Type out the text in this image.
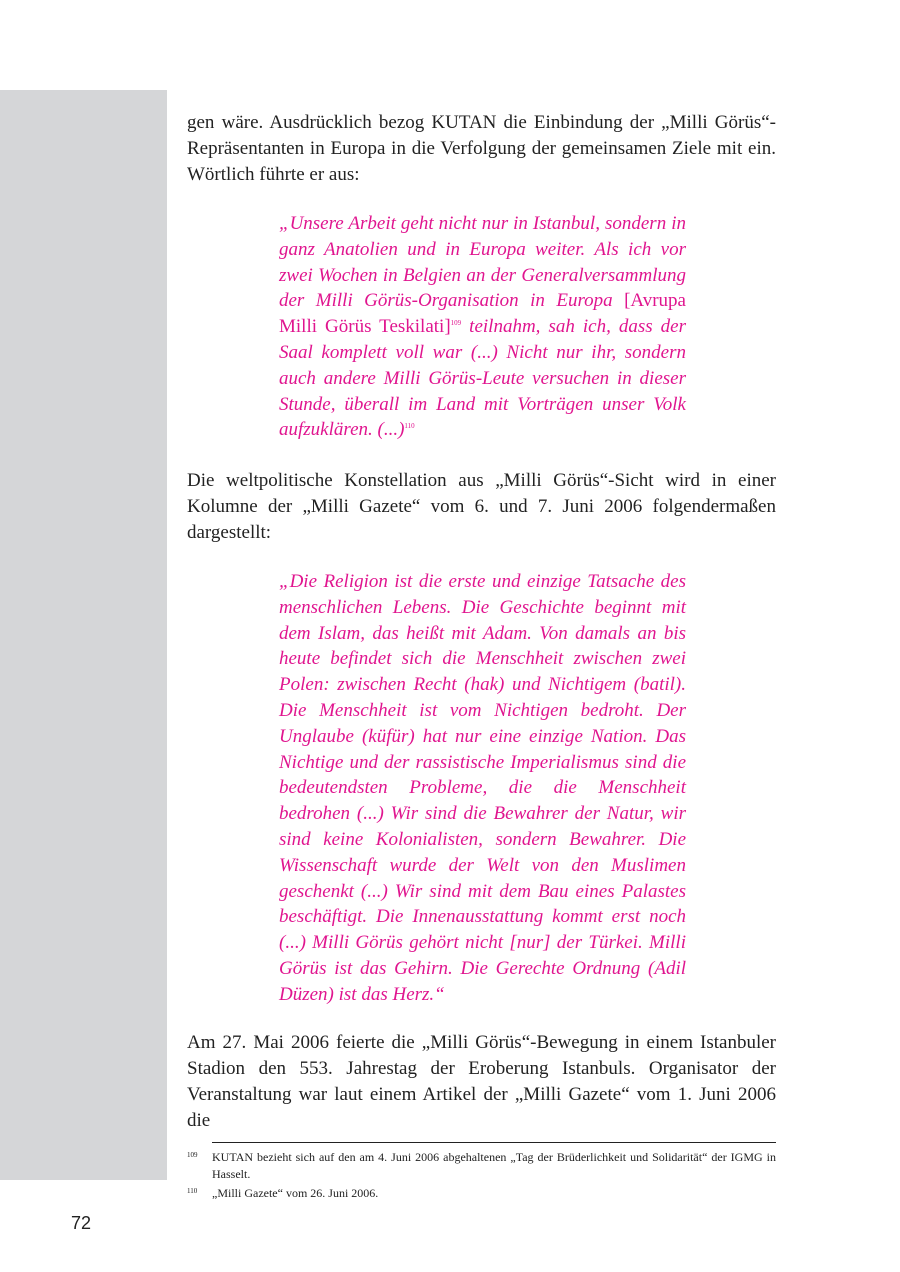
gen wäre. Ausdrücklich bezog KUTAN die Einbindung der „Milli Görüs“-Repräsentanten in Europa in die Verfolgung der gemeinsamen Ziele mit ein. Wörtlich führte er aus:

„Unsere Arbeit geht nicht nur in Istanbul, sondern in ganz Anatolien und in Europa weiter. Als ich vor zwei Wochen in Belgien an der Generalversammlung der Milli Görüs-Organisation in Europa [Avrupa Milli Görüs Teskilati]$^{109}$ teilnahm, sah ich, dass der Saal komplett voll war (...) Nicht nur ihr, sondern auch andere Milli Görüs-Leute versuchen in dieser Stunde, überall im Land mit Vorträgen unser Volk aufzuklären. (...)$^{110}$

Die weltpolitische Konstellation aus „Milli Görüs“-Sicht wird in einer Kolumne der „Milli Gazete“ vom 6. und 7. Juni 2006 folgendermaßen dargestellt:

„Die Religion ist die erste und einzige Tatsache des menschlichen Lebens. Die Geschichte beginnt mit dem Islam, das heißt mit Adam. Von damals an bis heute befindet sich die Menschheit zwischen zwei Polen: zwischen Recht (hak) und Nichtigem (batil). Die Menschheit ist vom Nichtigen bedroht. Der Unglaube (küfür) hat nur eine einzige Nation. Das Nichtige und der rassistische Imperialismus sind die bedeutendsten Probleme, die die Menschheit bedrohen (...) Wir sind die Bewahrer der Natur, wir sind keine Kolonialisten, sondern Bewahrer. Die Wissenschaft wurde der Welt von den Muslimen geschenkt (...) Wir sind mit dem Bau eines Palastes beschäftigt. Die Innenausstattung kommt erst noch (...) Milli Görüs gehört nicht [nur] der Türkei. Milli Görüs ist das Gehirn. Die Gerechte Ordnung (Adil Düzen) ist das Herz.“

Am 27. Mai 2006 feierte die „Milli Görüs“-Bewegung in einem Istanbuler Stadion den 553. Jahrestag der Eroberung Istanbuls. Organisator der Veranstaltung war laut einem Artikel der „Milli Gazete“ vom 1. Juni 2006 die

109 KUTAN bezieht sich auf den am 4. Juni 2006 abgehaltenen „Tag der Brüderlichkeit und Solidarität“ der IGMG in Hasselt.
110 „Milli Gazete“ vom 26. Juni 2006.
72
